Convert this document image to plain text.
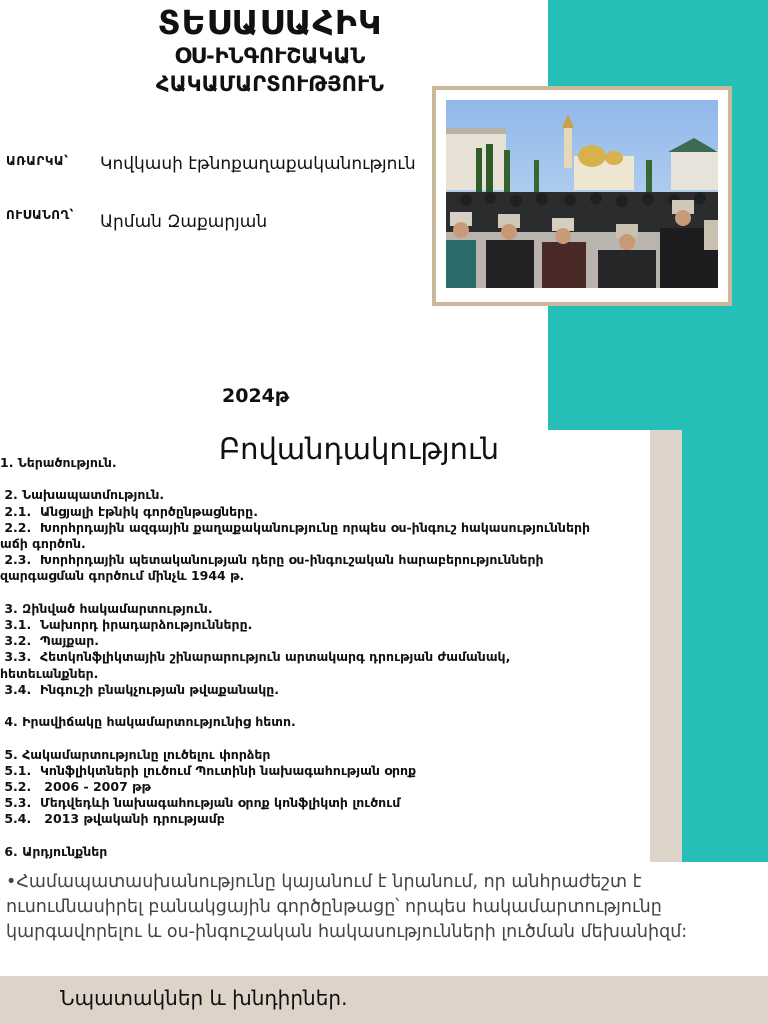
ՏԵՍԱՍԱՀԻԿ
ՕՍ-ԻՆԳՈՒՇԱԿԱՆ
ՀԱԿԱՄԱՐՏՈՒԹՅՈՒՆ
ԱՌԱՐԿԱ՝ Կովկասի էթնոքաղաքականություն
ՈՒՍԱՆՈՂ՝ Արման Զաքարյան
2024թ
Բովանդակություն
1. Ներածություն.

2. Նախապատմություն.
2.1.  Անցյալի էթնիկ գործընթացները.
2.2.  Խորհրդային ազգային քաղաքականությունը որպես օս-ինգուշ հակասությունների
աճի գործոն.
2.3.  Խորհրդային պետականության դերը օս-ինգուշական հարաբերությունների
զարգացման գործում մինչև 1944 թ.

3. Զինված հակամարտություն.
3.1.  Նախորդ իրադարձությունները.
3.2.  Պայքար.
3.3.  Հետկոնֆլիկտային շինարարություն արտակարգ դրության ժամանակ,
հետեւանքներ.
3.4.  Ինգուշի բնակչության թվաքանակը.

4. Իրավիճակը հակամարտությունից հետո.

5. Հակամարտությունը լուծելու փորձեր
5.1.  Կոնֆլիկտների լուծում Պուտինի նախագահության օրոք
5.2.   2006 - 2007 թթ
5.3.  Մեդվեդևի նախագահության օրոք կոնֆլիկտի լուծում
5.4.   2013 թվականի դրությամբ

6. Արդյունքներ
•Համապատասխանությունը կայանում է նրանում, որ անհրաժեշտ է ուսումնասիրել բանակցային գործընթացը՝ որպես հակամարտությունը կարգավորելու և օս-ինգուշական հակասությունների լուծման մեխանիզմ:
Նպատակներ և խնդիրներ.
